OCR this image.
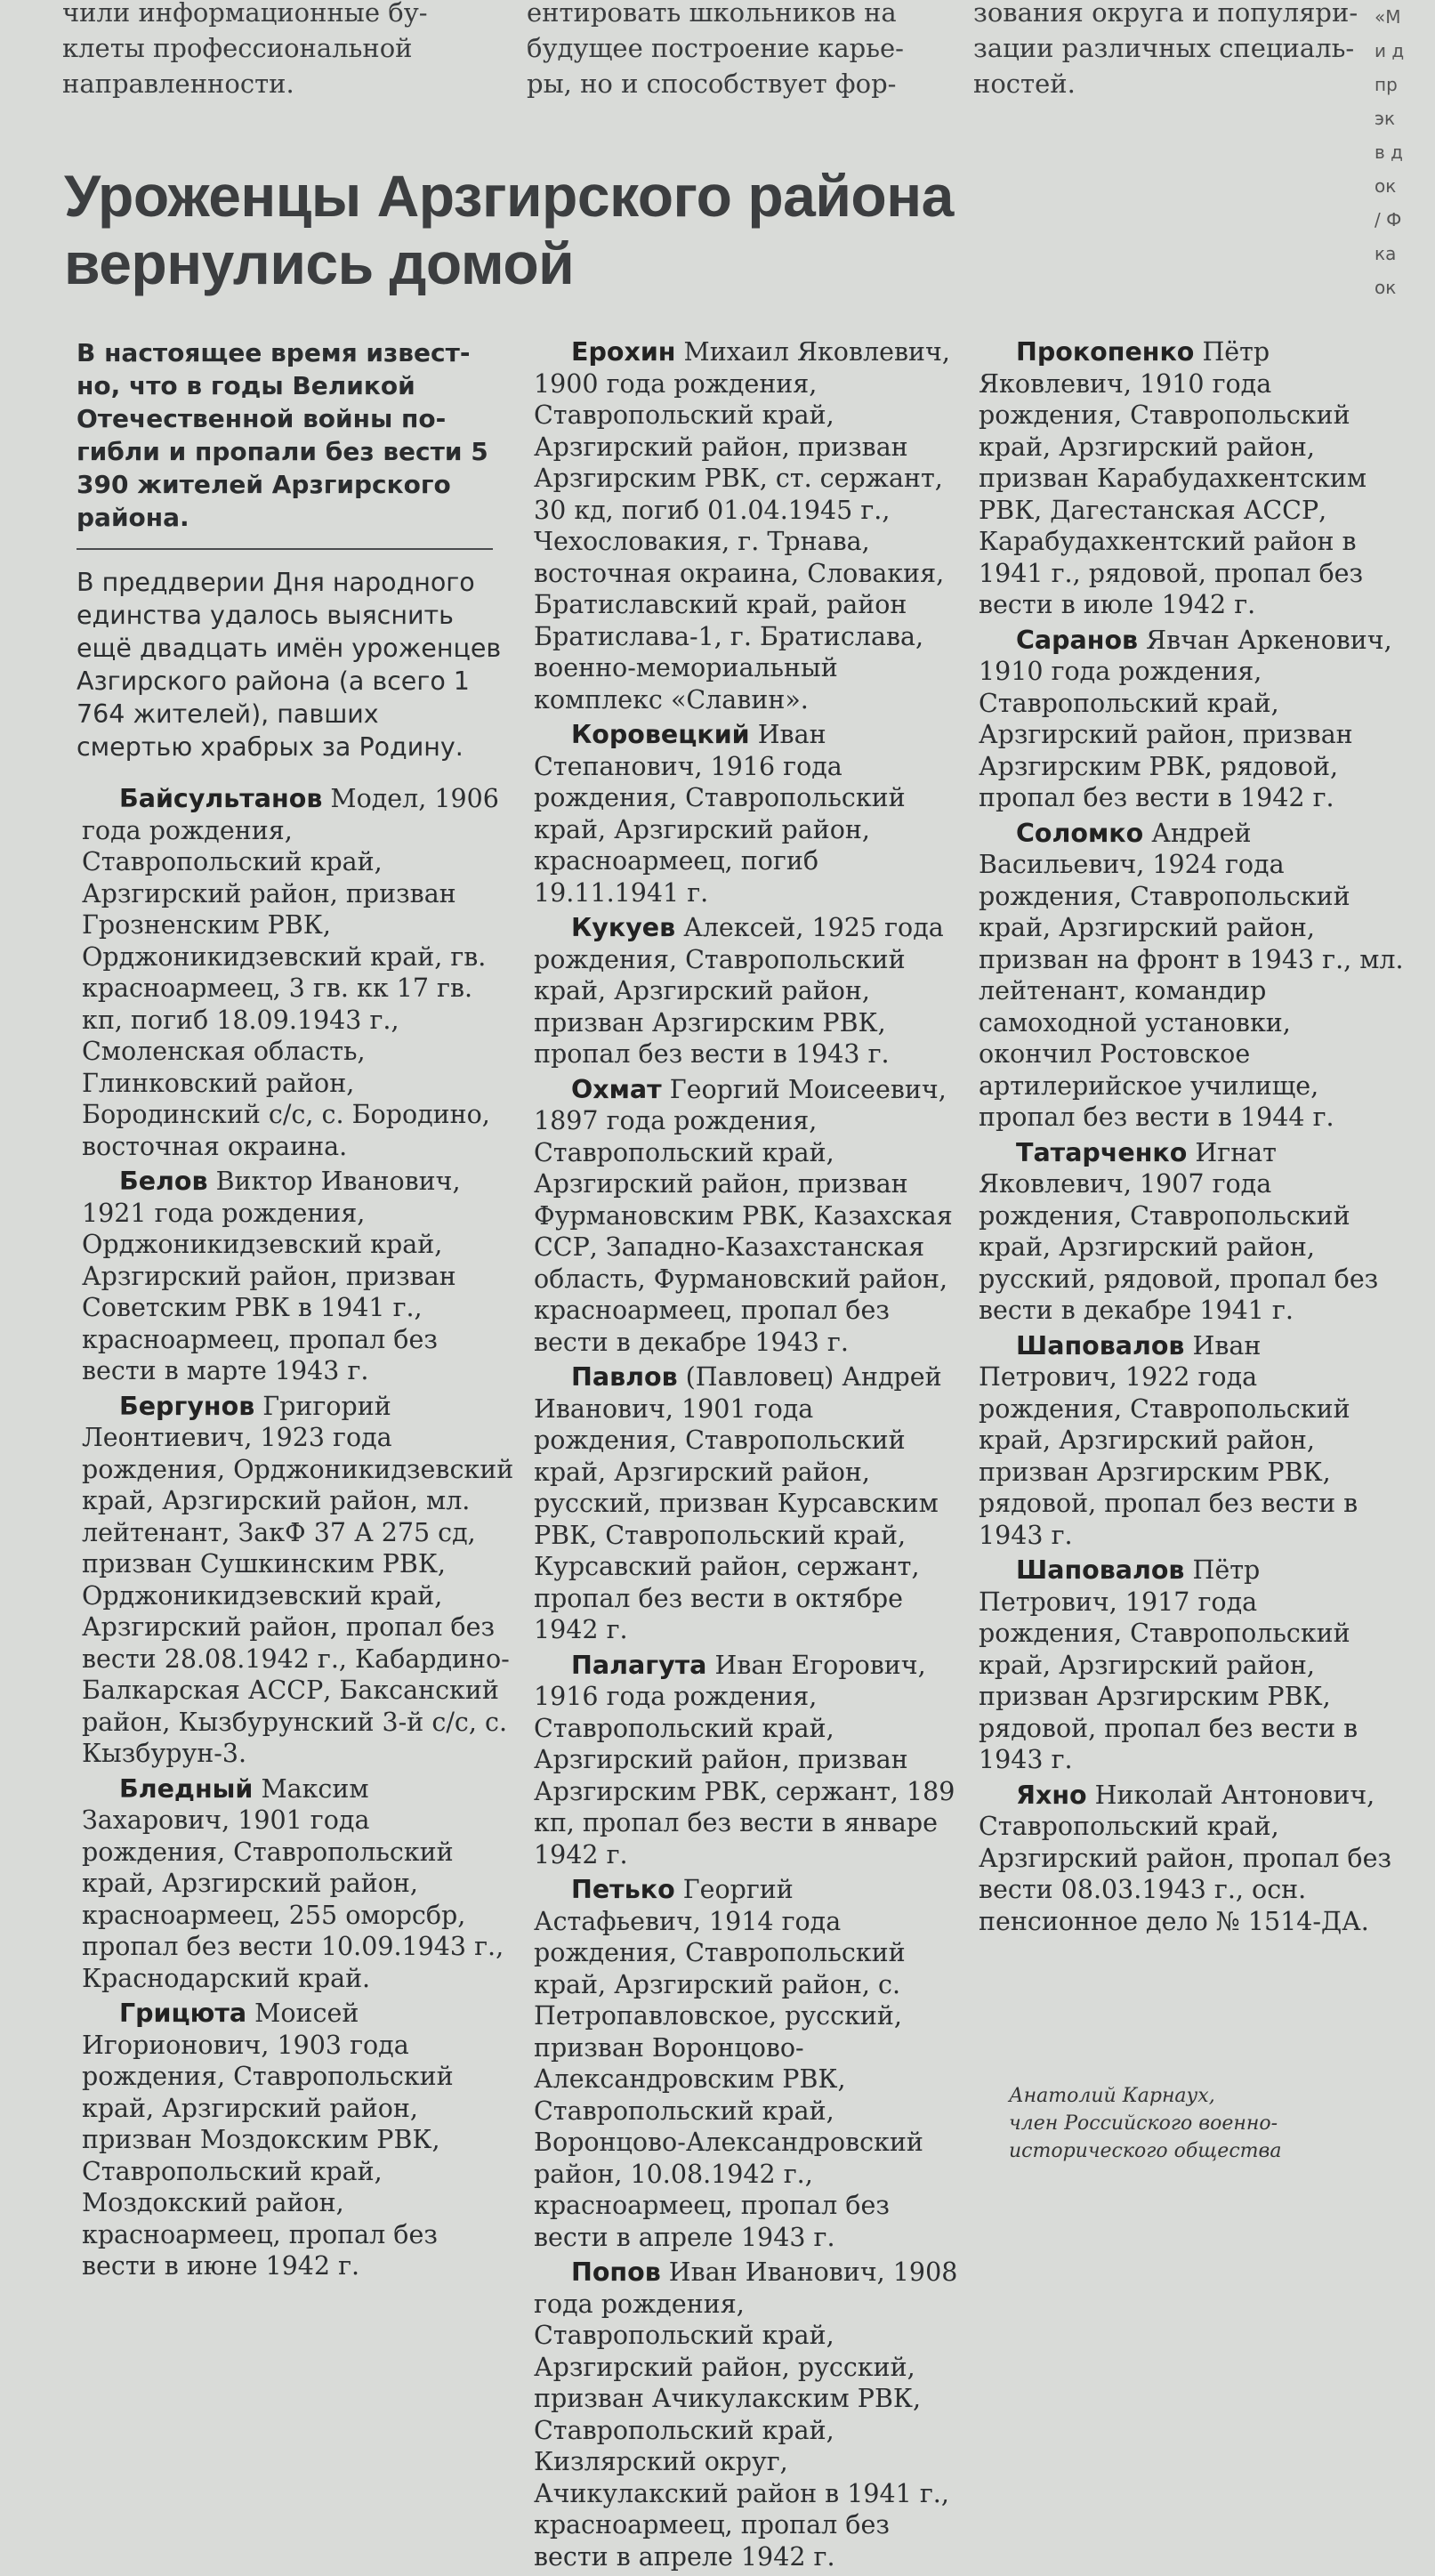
чили информационные бу-
клеты профессиональной
направленности.
ентировать школьников на
будущее построение карье-
ры, но и способствует фор-
зования округа и популяри-
зации различных специаль-
ностей.
«М
и д
пр
эк
в д
ок
/ Ф
ка
ок
Уроженцы Арзгирского района
вернулись домой
В настоящее время извест-но, что в годы Великой Отечественной войны по-гибли и пропали без вести 5 390 жителей Арзгирского района.
В преддверии Дня народного единства удалось выяснить ещё двадцать имён уроженцев Азгирского района (а всего 1 764 жителей), павших смертью храбрых за Родину.

Байсультанов Модел, 1906 года рождения, Ставропольский край, Арзгирский район, призван Грозненским РВК, Орджоникидзевский край, гв. красноармеец, 3 гв. кк 17 гв. кп, погиб 18.09.1943 г., Смоленская область, Глинковский район, Бородинский с/с, с. Бородино, восточная окраина.

Белов Виктор Иванович, 1921 года рождения, Орджоникидзевский край, Арзгирский район, призван Советским РВК в 1941 г., красноармеец, пропал без вести в марте 1943 г.

Бергунов Григорий Леонтиевич, 1923 года рождения, Орджоникидзевский край, Арзгирский район, мл. лейтенант, ЗакФ 37 А 275 сд, призван Сушкинским РВК, Орджоникидзевский край, Арзгирский район, пропал без вести 28.08.1942 г., Кабардино-Балкарская АССР, Баксанский район, Кызбурунский 3-й с/с, с. Кызбурун-3.

Бледный Максим Захарович, 1901 года рождения, Ставропольский край, Арзгирский район, красноармеец, 255 оморсбр, пропал без вести 10.09.1943 г., Краснодарский край.

Грицюта Моисей Игорионович, 1903 года рождения, Ставропольский край, Арзгирский район, призван Моздокским РВК, Ставропольский край, Моздокский район, красноармеец, пропал без вести в июне 1942 г.

Ерохин Михаил Яковлевич, 1900 года рождения, Ставропольский край, Арзгирский район, призван Арзгирским РВК, ст. сержант, 30 кд, погиб 01.04.1945 г., Чехословакия, г. Трнава, восточная окраина, Словакия, Братиславский край, район Братислава-1, г. Братислава, военно-мемориальный комплекс «Славин».

Коровецкий Иван Степанович, 1916 года рождения, Ставропольский край, Арзгирский район, красноармеец, погиб 19.11.1941 г.

Кукуев Алексей, 1925 года рождения, Ставропольский край, Арзгирский район, призван Арзгирским РВК, пропал без вести в 1943 г.

Охмат Георгий Моисеевич, 1897 года рождения, Ставропольский край, Арзгирский район, призван Фурмановским РВК, Казахская ССР, Западно-Казахстанская область, Фурмановский район, красноармеец, пропал без вести в декабре 1943 г.

Павлов (Павловец) Андрей Иванович, 1901 года рождения, Ставропольский край, Арзгирский район, русский, призван Курсавским РВК, Ставропольский край, Курсавский район, сержант, пропал без вести в октябре 1942 г.

Палагута Иван Егорович, 1916 года рождения, Ставропольский край, Арзгирский район, призван Арзгирским РВК, сержант, 189 кп, пропал без вести в январе 1942 г.

Петько Георгий Астафьевич, 1914 года рождения, Ставропольский край, Арзгирский район, с. Петропавловское, русский, призван Воронцово-Александровским РВК, Ставропольский край, Воронцово-Александровский район, 10.08.1942 г., красноармеец, пропал без вести в апреле 1943 г.

Попов Иван Иванович, 1908 года рождения, Ставропольский край, Арзгирский район, русский, призван Ачикулакским РВК, Ставропольский край, Кизлярский округ, Ачикулакский район в 1941 г., красноармеец, пропал без вести в апреле 1942 г.

Прокопенко Пётр Яковлевич, 1910 года рождения, Ставропольский край, Арзгирский район, призван Карабудахкентским РВК, Дагестанская АССР, Карабудахкентский район в 1941 г., рядовой, пропал без вести в июле 1942 г.

Саранов Явчан Аркенович, 1910 года рождения, Ставропольский край, Арзгирский район, призван Арзгирским РВК, рядовой, пропал без вести в 1942 г.

Соломко Андрей Васильевич, 1924 года рождения, Ставропольский край, Арзгирский район, призван на фронт в 1943 г., мл. лейтенант, командир самоходной установки, окончил Ростовское артилерийское училище, пропал без вести в 1944 г.

Татарченко Игнат Яковлевич, 1907 года рождения, Ставропольский край, Арзгирский район, русский, рядовой, пропал без вести в декабре 1941 г.

Шаповалов Иван Петрович, 1922 года рождения, Ставропольский край, Арзгирский район, призван Арзгирским РВК, рядовой, пропал без вести в 1943 г.

Шаповалов Пётр Петрович, 1917 года рождения, Ставропольский край, Арзгирский район, призван Арзгирским РВК, рядовой, пропал без вести в 1943 г.

Яхно Николай Антонович, Ставропольский край, Арзгирский район, пропал без вести 08.03.1943 г., осн. пенсионное дело № 1514-ДА.

Анатолий Карнаух,
член Российского военно-
исторического общества
